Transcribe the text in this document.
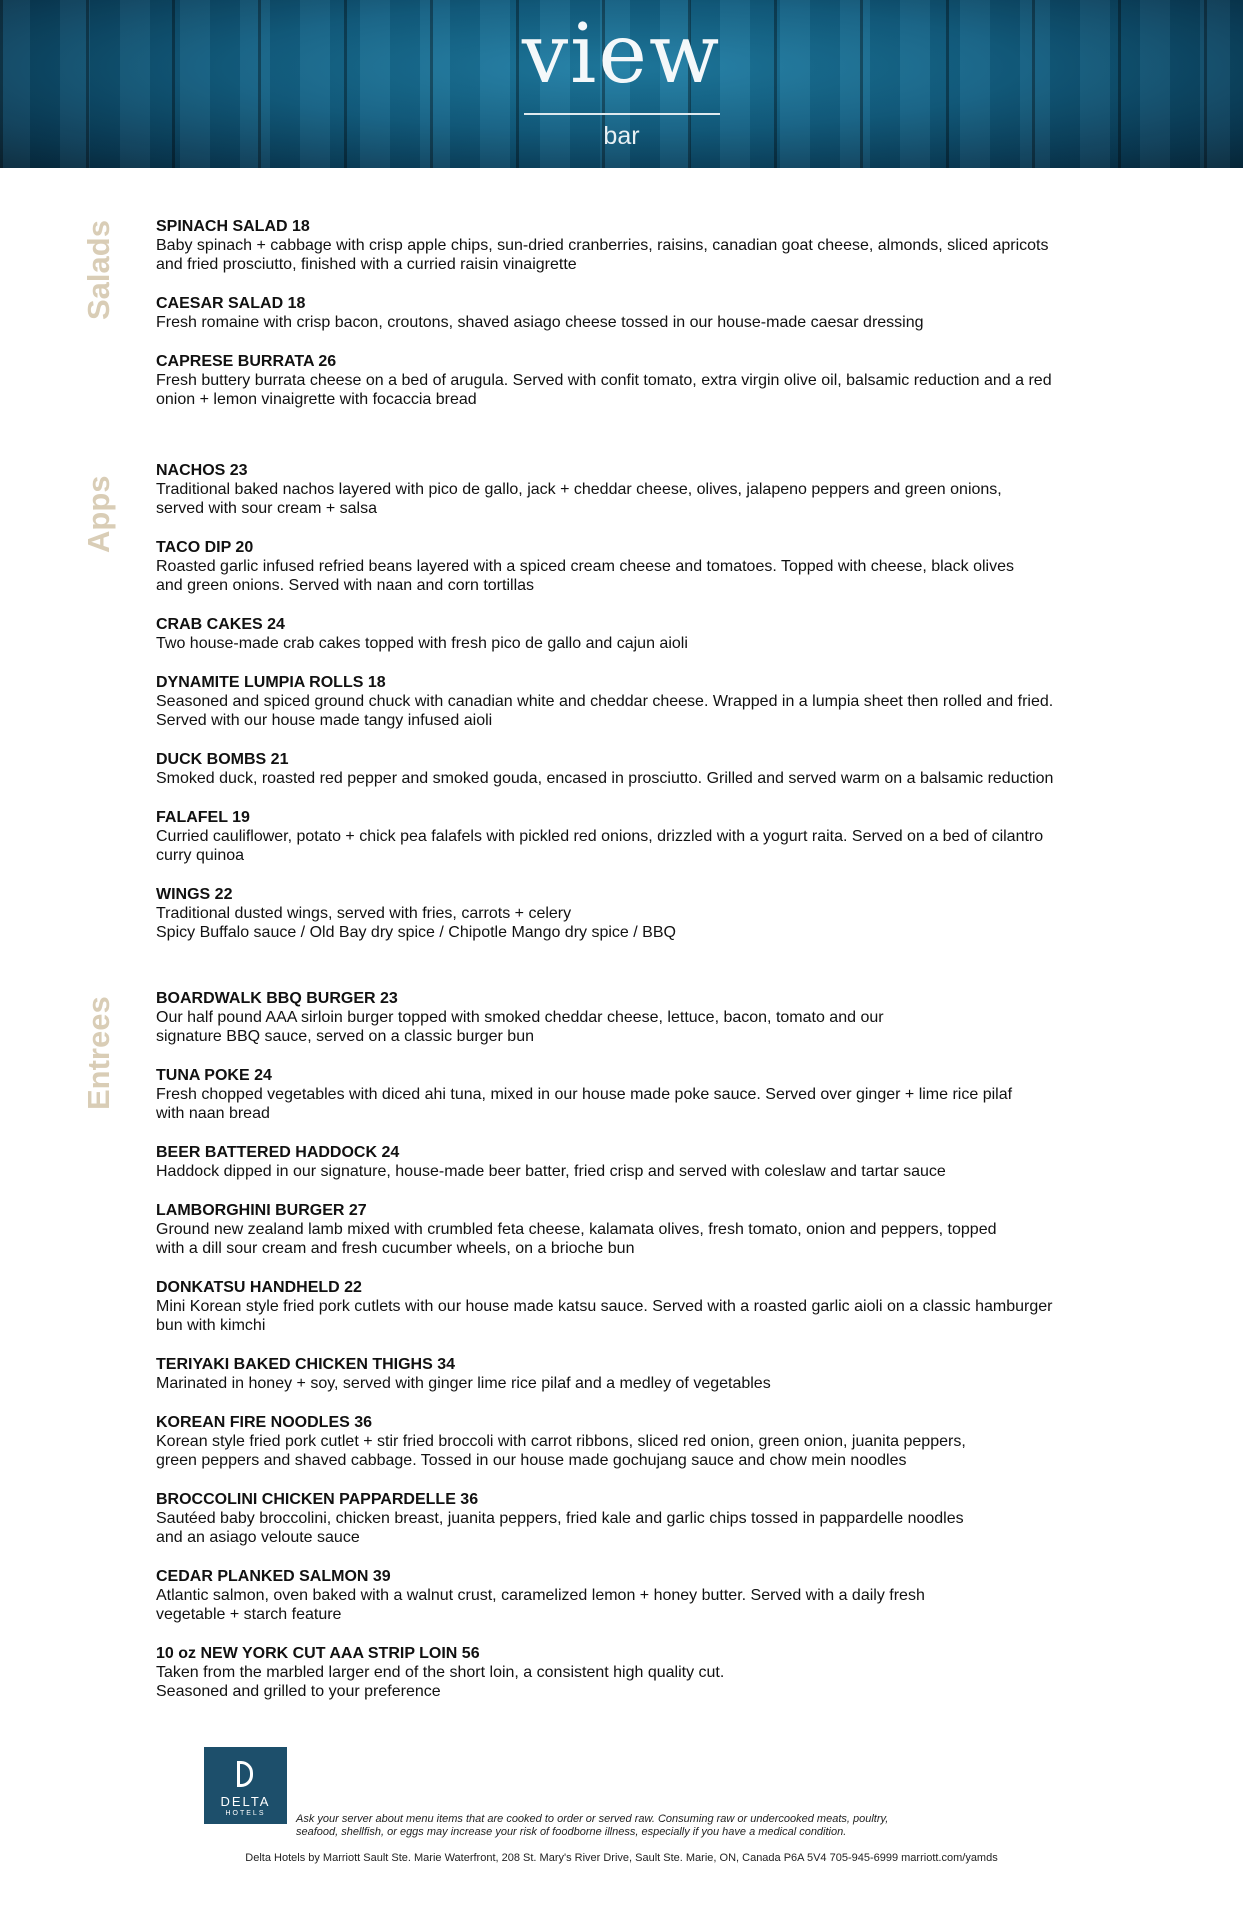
view
bar
Salads	SPINACH SALAD 18
Baby spinach + cabbage with crisp apple chips, sun-dried cranberries, raisins, canadian goat cheese, almonds, sliced apricots
and fried prosciutto, finished with a curried raisin vinaigrette
CAESAR SALAD 18
Fresh romaine with crisp bacon, croutons, shaved asiago cheese tossed in our house-made caesar dressing
CAPRESE BURRATA 26
Fresh buttery burrata cheese on a bed of arugula. Served with confit tomato, extra virgin olive oil, balsamic reduction and a red
onion + lemon vinaigrette with focaccia bread
Apps
NACHOS 23
Traditional baked nachos layered with pico de gallo, jack + cheddar cheese, olives, jalapeno peppers and green onions,
served with sour cream + salsa
TACO DIP 20
Roasted garlic infused refried beans layered with a spiced cream cheese and tomatoes. Topped with cheese, black olives
and green onions. Served with naan and corn tortillas
CRAB CAKES 24
Two house-made crab cakes topped with fresh pico de gallo and cajun aioli
DYNAMITE LUMPIA ROLLS 18
Seasoned and spiced ground chuck with canadian white and cheddar cheese. Wrapped in a lumpia sheet then rolled and fried.
Served with our house made tangy infused aioli
DUCK BOMBS 21
Smoked duck, roasted red pepper and smoked gouda, encased in prosciutto. Grilled and served warm on a balsamic reduction
FALAFEL 19
Curried cauliflower, potato + chick pea falafels with pickled red onions, drizzled with a yogurt raita. Served on a bed of cilantro
curry quinoa
WINGS 22
Traditional dusted wings, served with fries, carrots + celery
Spicy Buffalo sauce / Old Bay dry spice / Chipotle Mango dry spice / BBQ
Entrees	BOARDWALK BBQ BURGER 23
Our half pound AAA sirloin burger topped with smoked cheddar cheese, lettuce, bacon, tomato and our
signature BBQ sauce, served on a classic burger bun
TUNA POKE 24
Fresh chopped vegetables with diced ahi tuna, mixed in our house made poke sauce. Served over ginger + lime rice pilaf
with naan bread
BEER BATTERED HADDOCK 24
Haddock dipped in our signature, house-made beer batter, fried crisp and served with coleslaw and tartar sauce
LAMBORGHINI BURGER 27
Ground new zealand lamb mixed with crumbled feta cheese, kalamata olives, fresh tomato, onion and peppers, topped
with a dill sour cream and fresh cucumber wheels, on a brioche bun
DONKATSU HANDHELD 22
Mini Korean style fried pork cutlets with our house made katsu sauce. Served with a roasted garlic aioli on a classic hamburger
bun with kimchi
TERIYAKI BAKED CHICKEN THIGHS 34
Marinated in honey + soy, served with ginger lime rice pilaf and a medley of vegetables
KOREAN FIRE NOODLES 36
Korean style fried pork cutlet + stir fried broccoli with carrot ribbons, sliced red onion, green onion, juanita peppers,
green peppers and shaved cabbage. Tossed in our house made gochujang sauce and chow mein noodles
BROCCOLINI CHICKEN PAPPARDELLE 36
Sautéed baby broccolini, chicken breast, juanita peppers, fried kale and garlic chips tossed in pappardelle noodles
and an asiago veloute sauce
CEDAR PLANKED SALMON 39
Atlantic salmon, oven baked with a walnut crust, caramelized lemon + honey butter. Served with a daily fresh
vegetable + starch feature
10 oz NEW YORK CUT AAA STRIP LOIN 56
Taken from the marbled larger end of the short loin, a consistent high quality cut.
Seasoned and grilled to your preference
DELTA
HOTELS	Ask your server about menu items that are cooked to order or served raw. Consuming raw or undercooked meats, poultry,
seafood, shellfish, or eggs may increase your risk of foodborne illness, especially if you have a medical condition.
Delta Hotels by Marriott Sault Ste. Marie Waterfront, 208 St. Mary's River Drive, Sault Ste. Marie, ON, Canada P6A 5V4 705-945-6999 marriott.com/yamds
